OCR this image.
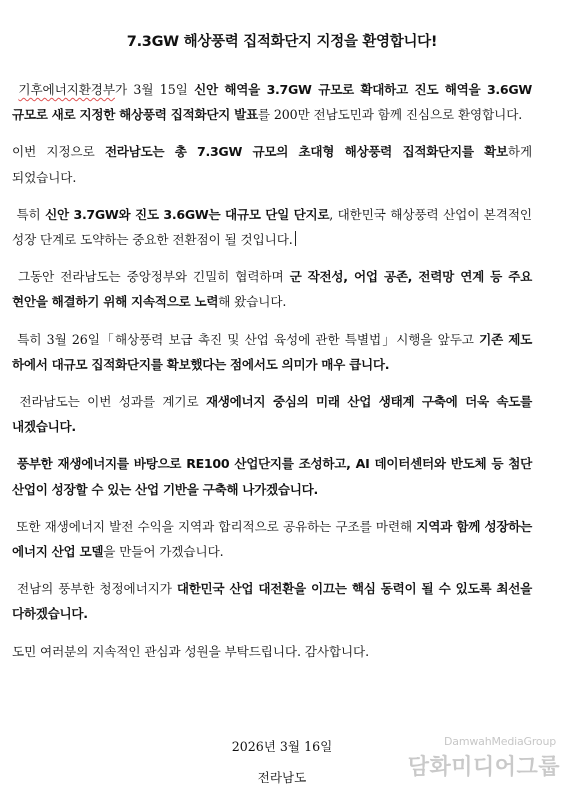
7.3GW 해상풍력 집적화단지 지정을 환영합니다!

기후에너지환경부가 3월 15일 신안 해역을 3.7GW 규모로 확대하고 진도 해역을 3.6GW 규모로 새로 지정한 해상풍력 집적화단지 발표를 200만 전남도민과 함께 진심으로 환영합니다.

이번 지정으로 전라남도는 총 7.3GW 규모의 초대형 해상풍력 집적화단지를 확보하게 되었습니다.

특히 신안 3.7GW와 진도 3.6GW는 대규모 단일 단지로, 대한민국 해상풍력 산업이 본격적인 성장 단계로 도약하는 중요한 전환점이 될 것입니다.

그동안 전라남도는 중앙정부와 긴밀히 협력하며 군 작전성, 어업 공존, 전력망 연계 등 주요 현안을 해결하기 위해 지속적으로 노력해 왔습니다.

특히 3월 26일「해상풍력 보급 촉진 및 산업 육성에 관한 특별법」시행을 앞두고 기존 제도 하에서 대규모 집적화단지를 확보했다는 점에서도 의미가 매우 큽니다.

전라남도는 이번 성과를 계기로 재생에너지 중심의 미래 산업 생태계 구축에 더욱 속도를 내겠습니다.

풍부한 재생에너지를 바탕으로 RE100 산업단지를 조성하고, AI 데이터센터와 반도체 등 첨단 산업이 성장할 수 있는 산업 기반을 구축해 나가겠습니다.

또한 재생에너지 발전 수익을 지역과 합리적으로 공유하는 구조를 마련해 지역과 함께 성장하는 에너지 산업 모델을 만들어 가겠습니다.

전남의 풍부한 청정에너지가 대한민국 산업 대전환을 이끄는 핵심 동력이 될 수 있도록 최선을 다하겠습니다.

도민 여러분의 지속적인 관심과 성원을 부탁드립니다. 감사합니다.

2026년 3월 16일
전라남도
DamwahMediaGroup
담화미디어그룹
